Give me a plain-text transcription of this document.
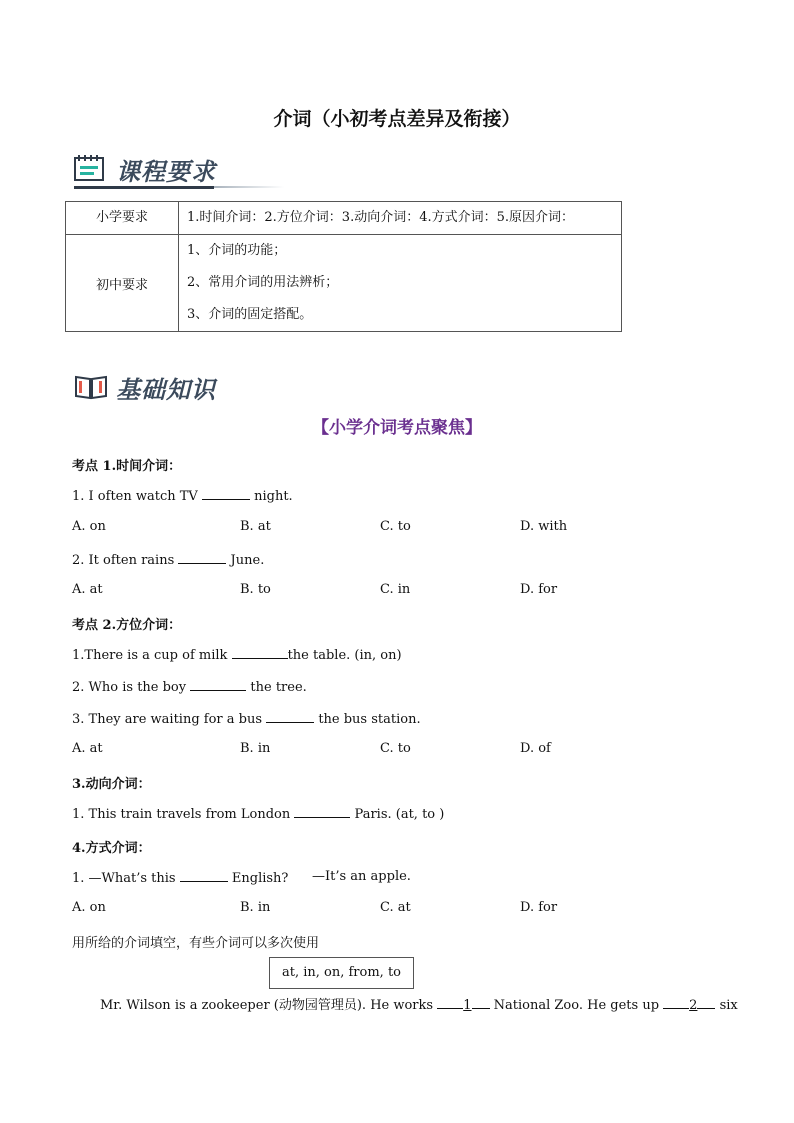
介词（小初考点差异及衔接）
课程要求
小学要求	1.时间介词：2.方位介词：3.动向介词：4.方式介词：5.原因介词：
初中要求	1、介词的功能；
2、常用介词的用法辨析；
3、介词的固定搭配。
基础知识
【小学介词考点聚焦】
考点 1.时间介词：
1. I often watch TV	night.
A. on	B. at	C. to	D. with
2. It often rains	June.
A. at	B. to	C. in	D. for
考点 2.方位介词：
1.There is a cup of milk	the table. (in, on)
2. Who is the boy	the tree.
3. They are waiting for a bus	the bus station.
A. at	B. in	C. to	D. of
3.动向介词：
1. This train travels from London	Paris. (at, to )
4.方式介词：
1. —What’s this	English? —It’s an apple.
A. on	B. in	C. at	D. for
用所给的介词填空，有些介词可以多次使用
at, in, on, from, to
Mr. Wilson is a zookeeper (动物园管理员). He works 1 National Zoo. He gets up 2 six
